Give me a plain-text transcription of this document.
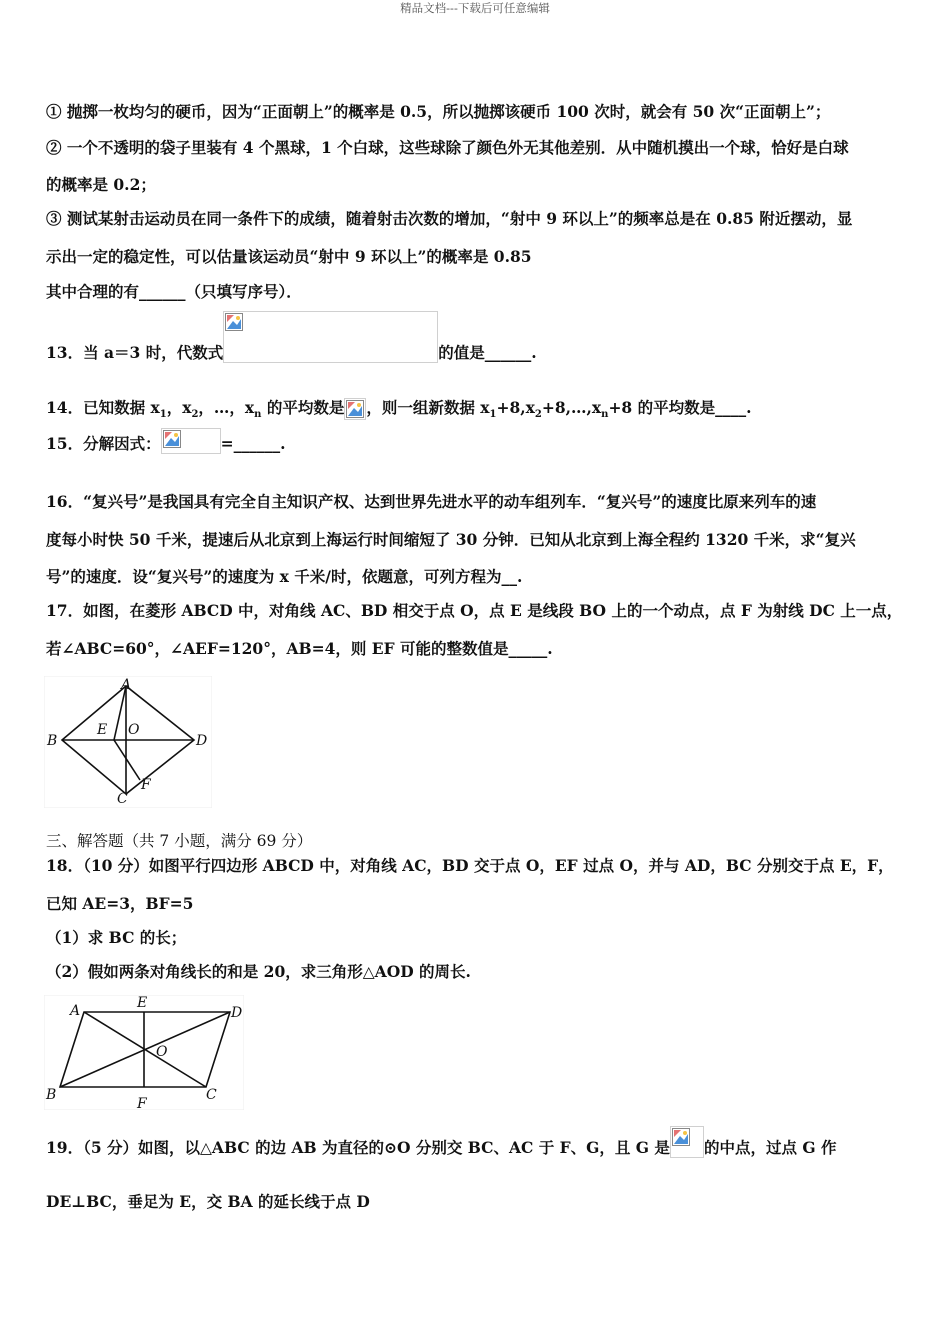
精品文档---下载后可任意编辑
① 抛掷一枚均匀的硬币，因为“正面朝上”的概率是 0.5，所以抛掷该硬币 100 次时，就会有 50 次“正面朝上”；
② 一个不透明的袋子里装有 4 个黑球，1 个白球，这些球除了颜色外无其他差别．从中随机摸出一个球，恰好是白球
的概率是 0.2；
③ 测试某射击运动员在同一条件下的成绩，随着射击次数的增加，“射中 9 环以上”的频率总是在 0.85 附近摆动，显
示出一定的稳定性，可以估量该运动员“射中 9 环以上”的概率是 0.85
其中合理的有______（只填写序号）．
13．当 a＝3 时，代数式	的值是______.
14．已知数据 $x_1$，$x_2$，…，$x_n$ 的平均数是 ，则一组新数据 $x_1+8,x_2+8,\dots,x_n+8$ 的平均数是____.
15．分解因式：	=______.
16．“复兴号”是我国具有完全自主知识产权、达到世界先进水平的动车组列车．“复兴号”的速度比原来列车的速
度每小时快 50 千米，提速后从北京到上海运行时间缩短了 30 分钟．已知从北京到上海全程约 1320 千米，求“复兴
号”的速度．设“复兴号”的速度为 x 千米/时，依题意，可列方程为__.
17．如图，在菱形 ABCD 中，对角线 AC、BD 相交于点 O，点 E 是线段 BO 上的一个动点，点 F 为射线 DC 上一点，
若∠ABC=60°，∠AEF=120°，AB=4，则 EF 可能的整数值是_____.
A
B
C
D
E O
F
三、解答题（共 7 小题，满分 69 分）
18．（10 分）如图平行四边形 ABCD 中，对角线 AC，BD 交于点 O，EF 过点 O，并与 AD，BC 分别交于点 E，F，
已知 AE=3，BF=5
（1）求 BC 的长；
（2）假如两条对角线长的和是 20，求三角形△AOD 的周长.
A	E
D
O
B
F
C
19．（5 分）如图，以△ABC 的边 AB 为直径的⊙O 分别交 BC、AC 于 F、G，且 G 是 的中点，过点 G 作
DE⊥BC，垂足为 E，交 BA 的延长线于点 D
